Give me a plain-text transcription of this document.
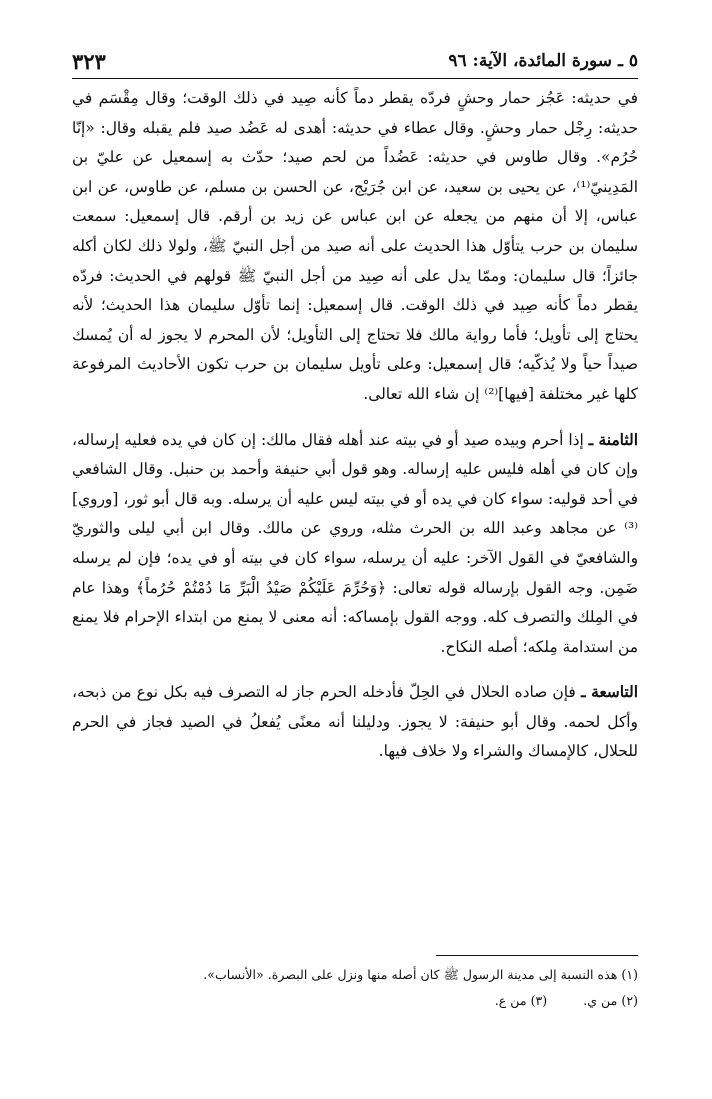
٥ ـ سورة المائدة، الآية: ٩٦
٣٢٣

في حديثه: عَجُز حمار وحشٍ فردّه يقطر دماً كأنه صِيد في ذلك الوقت؛ وقال مِقْسَم في حديثه: رِجْل حمار وحشٍ. وقال عطاء في حديثه: أهدى له عَضُد صيد فلم يقبله وقال: «إنّا حُرُم». وقال طاوس في حديثه: عَضُداً من لحم صيد؛ حدّث به إسمعيل عن عليّ بن المَدِينيّ⁽¹⁾، عن يحيى بن سعيد، عن ابن جُرَيْج، عن الحسن بن مسلم، عن طاوس، عن ابن عباس، إلا أن منهم من يجعله عن ابن عباس عن زيد بن أرقم. قال إسمعيل: سمعت سليمان بن حرب يتأوّل هذا الحديث على أنه صيد من أجل النبيّ ﷺ، ولولا ذلك لكان أكله جائزاً؛ قال سليمان: وممّا يدل على أنه صِيد من أجل النبيّ ﷺ قولهم في الحديث: فردّه يقطر دماً كأنه صِيد في ذلك الوقت. قال إسمعيل: إنما تأوّل سليمان هذا الحديث؛ لأنه يحتاج إلى تأويل؛ فأما رواية مالك فلا تحتاج إلى التأويل؛ لأن المحرم لا يجوز له أن يُمسك صيداً حياً ولا يُذكّيه؛ قال إسمعيل: وعلى تأويل سليمان بن حرب تكون الأحاديث المرفوعة كلها غير مختلفة [فيها]⁽²⁾ إن شاء الله تعالى.

الثامنة ـ إذا أحرم وبيده صيد أو في بيته عند أهله فقال مالك: إن كان في يده فعليه إرساله، وإن كان في أهله فليس عليه إرساله. وهو قول أبي حنيفة وأحمد بن حنبل. وقال الشافعي في أحد قوليه: سواء كان في يده أو في بيته ليس عليه أن يرسله. وبه قال أبو ثور، [وروي]⁽³⁾ عن مجاهد وعبد الله بن الحرث مثله، وروي عن مالك. وقال ابن أبي ليلى والثوريّ والشافعيّ في القول الآخر: عليه أن يرسله، سواء كان في بيته أو في يده؛ فإن لم يرسله ضَمِن. وجه القول بإرساله قوله تعالى: ﴿وَحُرِّمَ عَلَيْكُمْ صَيْدُ الْبَرِّ مَا دُمْتُمْ حُرُماً﴾ وهذا عام في المِلك والتصرف كله. ووجه القول بإمساكه: أنه معنى لا يمنع من ابتداء الإحرام فلا يمنع من استدامة مِلكه؛ أصله النكاح.

التاسعة ـ فإن صاده الحلال في الحِلّ فأدخله الحرم جاز له التصرف فيه بكل نوع من ذبحه، وأكل لحمه. وقال أبو حنيفة: لا يجوز. ودليلنا أنه معنًى يُفعلُ في الصيد فجاز في الحرم للحلال، كالإمساك والشراء ولا خلاف فيها.

(١) هذه النسبة إلى مدينة الرسول ﷺ كان أصله منها ونزل على البصرة. «الأنساب».

(٢) من ي.(٣) من ع.
